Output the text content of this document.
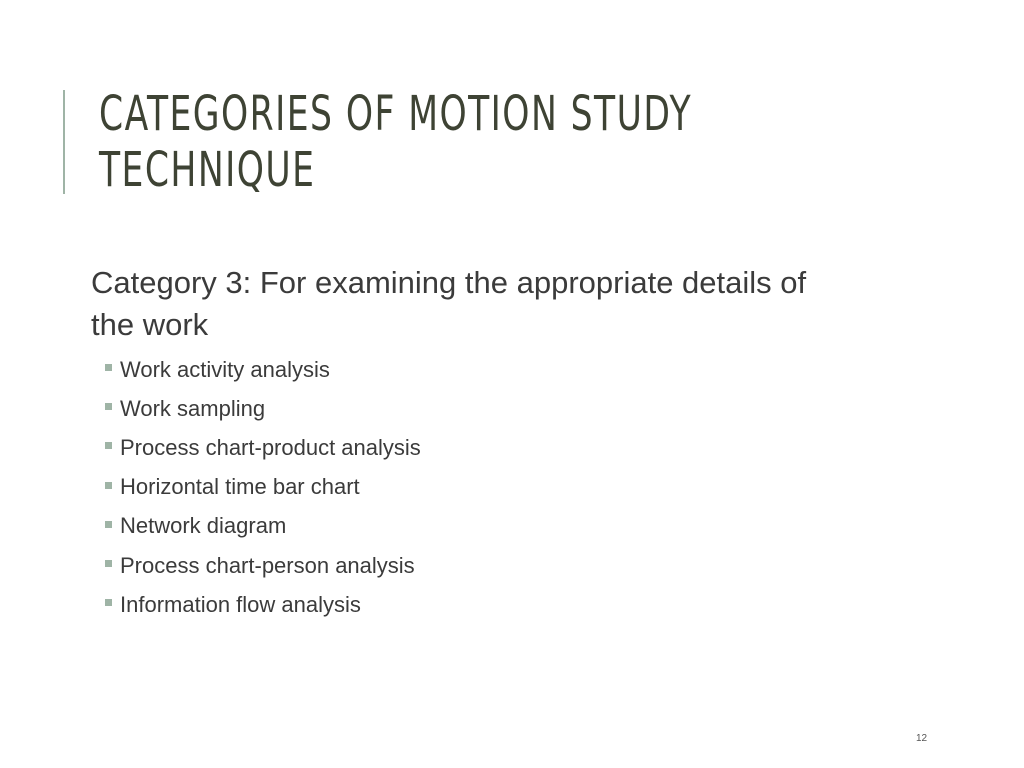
CATEGORIES OF MOTION STUDY
TECHNIQUE

Category 3: For examining the appropriate details of the work

Work activity analysis
Work sampling
Process chart-product analysis
Horizontal time bar chart
Network diagram
Process chart-person analysis
Information flow analysis
12
